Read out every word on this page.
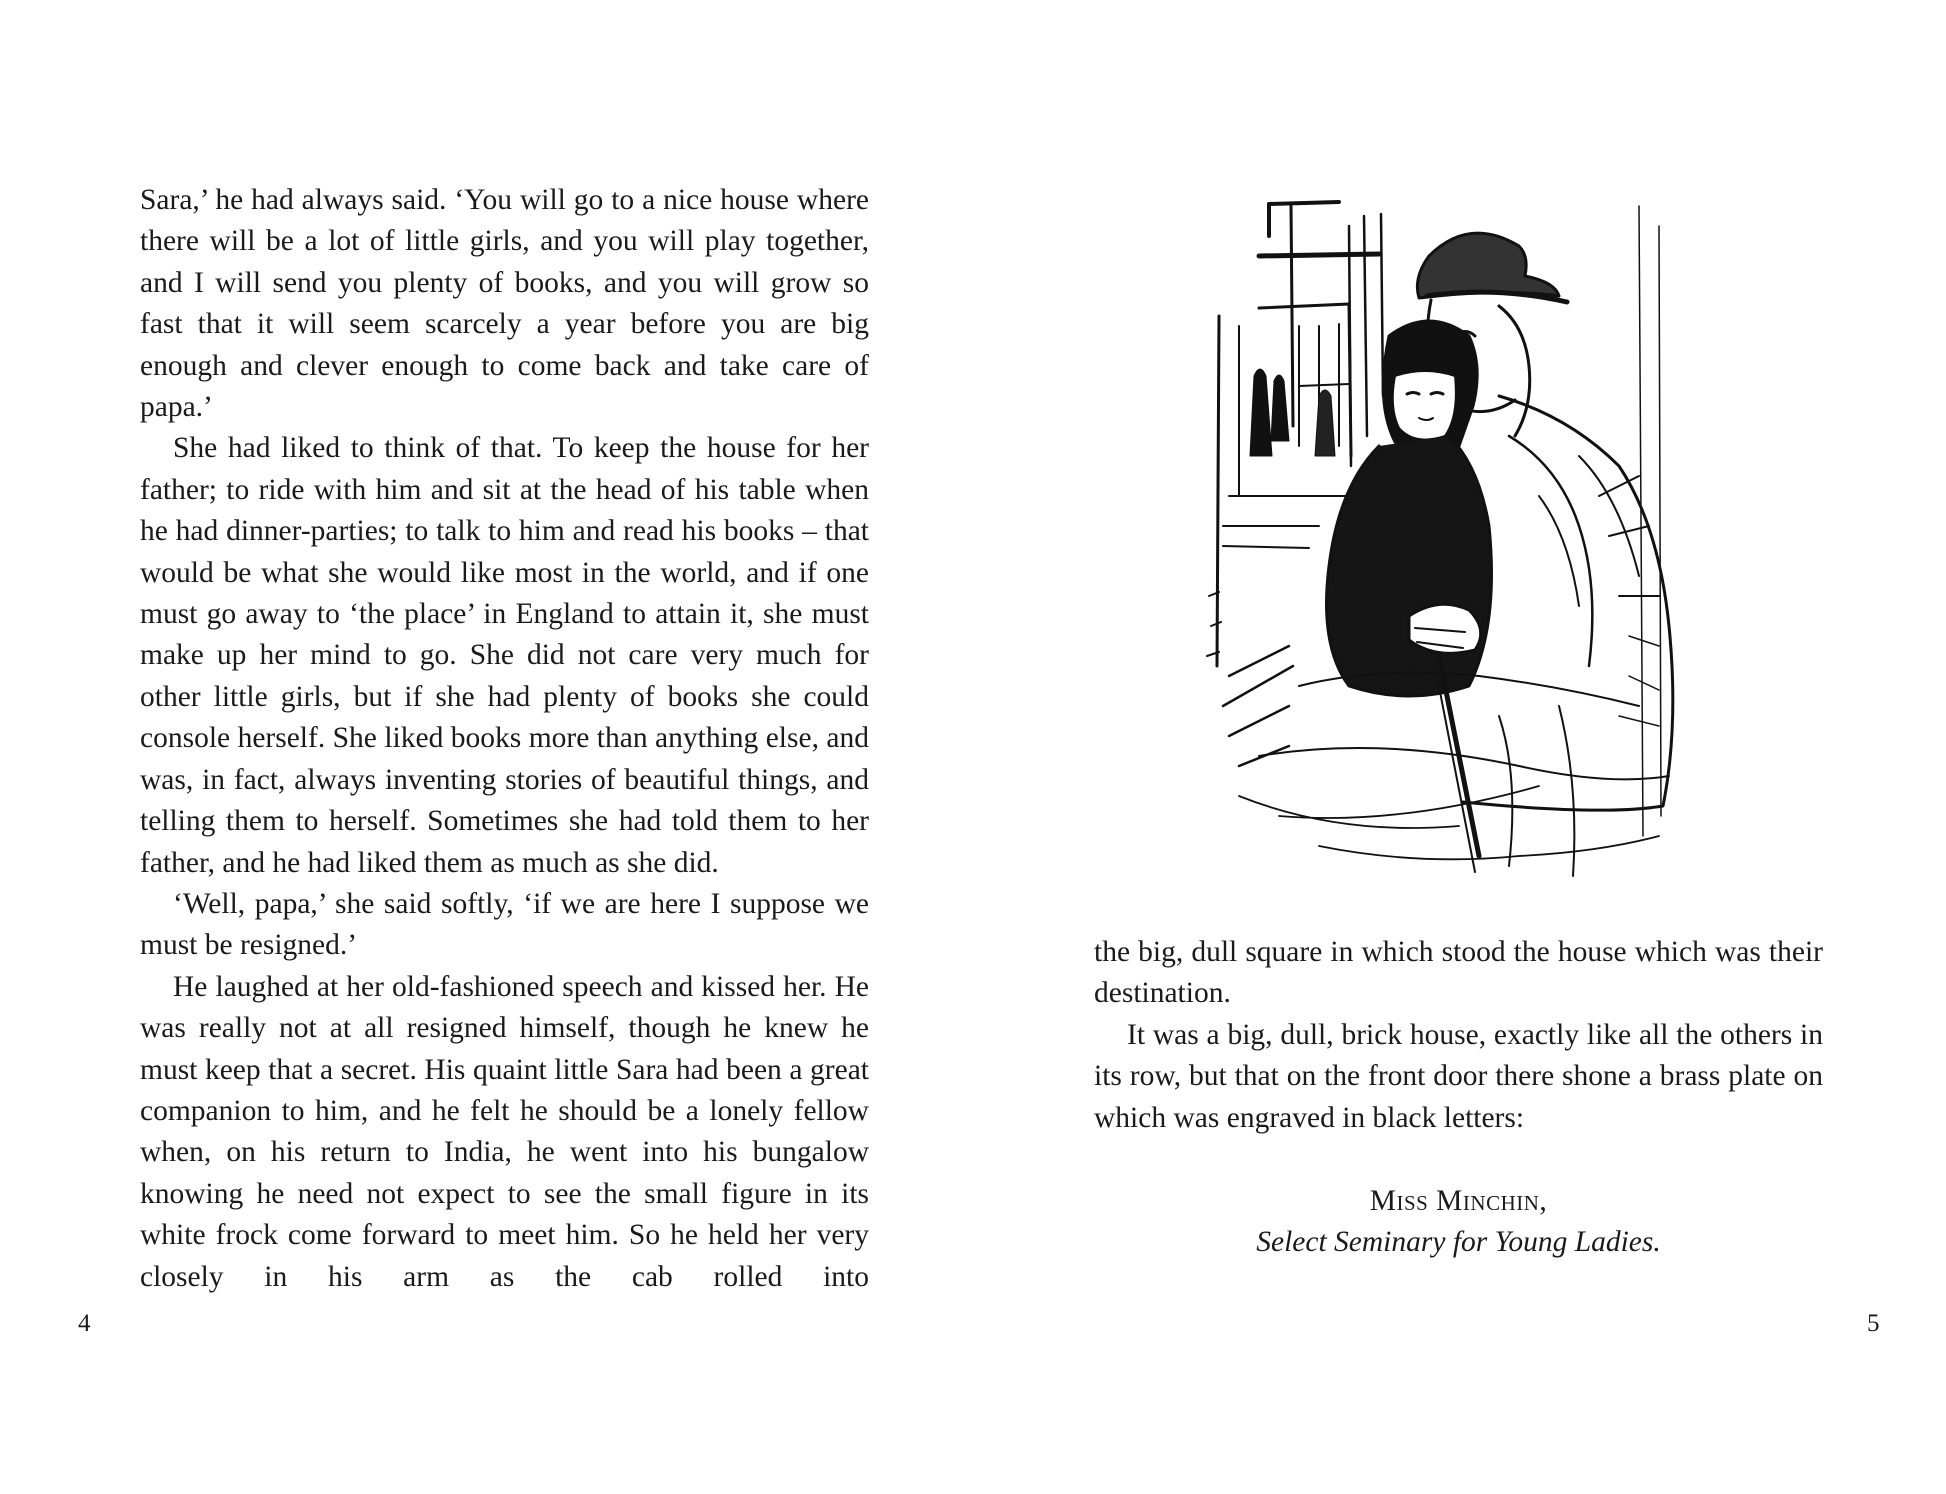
Sara,’ he had always said. ‘You will go to a nice house where there will be a lot of little girls, and you will play together, and I will send you plenty of books, and you will grow so fast that it will seem scarcely a year before you are big enough and clever enough to come back and take care of papa.’

She had liked to think of that. To keep the house for her father; to ride with him and sit at the head of his table when he had dinner-parties; to talk to him and read his books – that would be what she would like most in the world, and if one must go away to ‘the place’ in England to attain it, she must make up her mind to go. She did not care very much for other little girls, but if she had plenty of books she could console herself. She liked books more than anything else, and was, in fact, always inventing stories of beautiful things, and telling them to herself. Sometimes she had told them to her father, and he had liked them as much as she did.

‘Well, papa,’ she said softly, ‘if we are here I suppose we must be resigned.’

He laughed at her old-fashioned speech and kissed her. He was really not at all resigned himself, though he knew he must keep that a secret. His quaint little Sara had been a great companion to him, and he felt he should be a lonely fellow when, on his return to India, he went into his bungalow knowing he need not expect to see the small figure in its white frock come forward to meet him. So he held her very closely in his arm as the cab rolled into

4

the big, dull square in which stood the house which was their destination.

It was a big, dull, brick house, exactly like all the others in its row, but that on the front door there shone a brass plate on which was engraved in black letters:

Miss Minchin,
Select Seminary for Young Ladies.
5
